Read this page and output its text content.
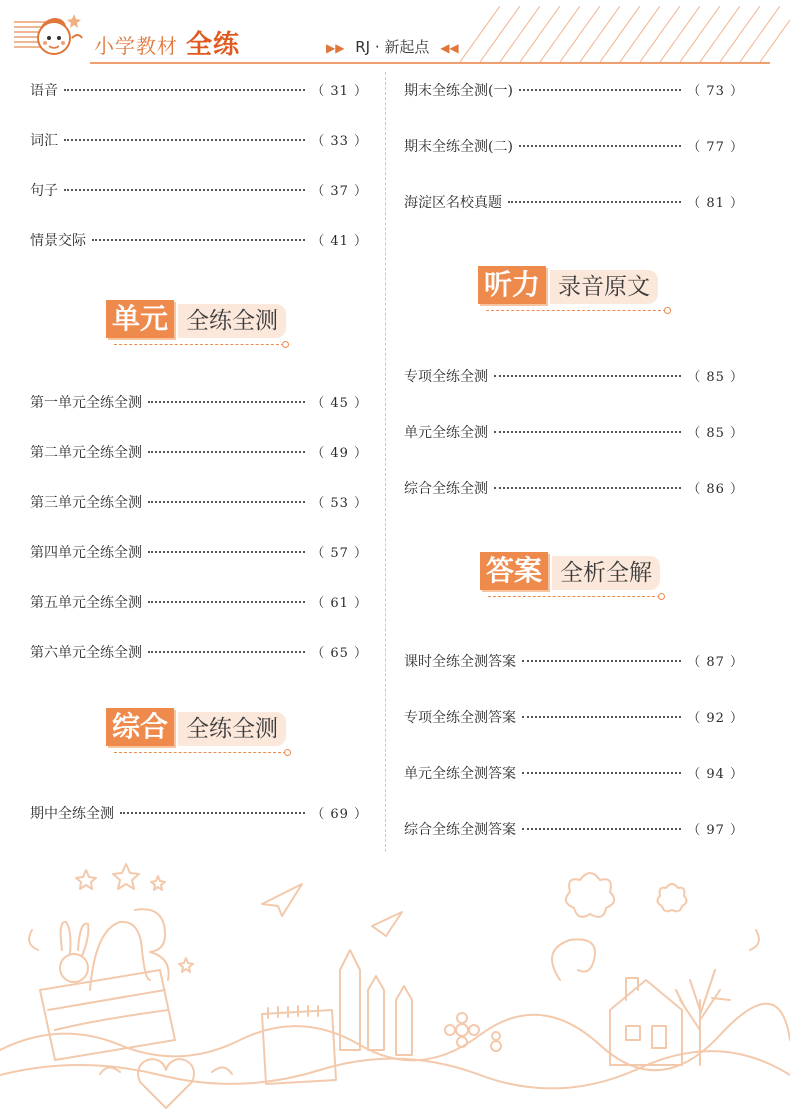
小学教材 全练	▶▶ RJ · 新起点 ◀◀
语音	（ 31 ）
词汇	（ 33 ）
句子	（ 37 ）
情景交际	（ 41 ）
单元 全练全测
第一单元全练全测	（ 45 ）
第二单元全练全测	（ 49 ）
第三单元全练全测	（ 53 ）
第四单元全练全测	（ 57 ）
第五单元全练全测	（ 61 ）
第六单元全练全测	（ 65 ）
综合 全练全测
期中全练全测	（ 69 ）
期末全练全测(一)	（ 73 ）
期末全练全测(二)	（ 77 ）
海淀区名校真题	（ 81 ）
听力 录音原文
专项全练全测	（ 85 ）
单元全练全测	（ 85 ）
综合全练全测	（ 86 ）
答案 全析全解
课时全练全测答案	（ 87 ）
专项全练全测答案	（ 92 ）
单元全练全测答案	（ 94 ）
综合全练全测答案	（ 97 ）
